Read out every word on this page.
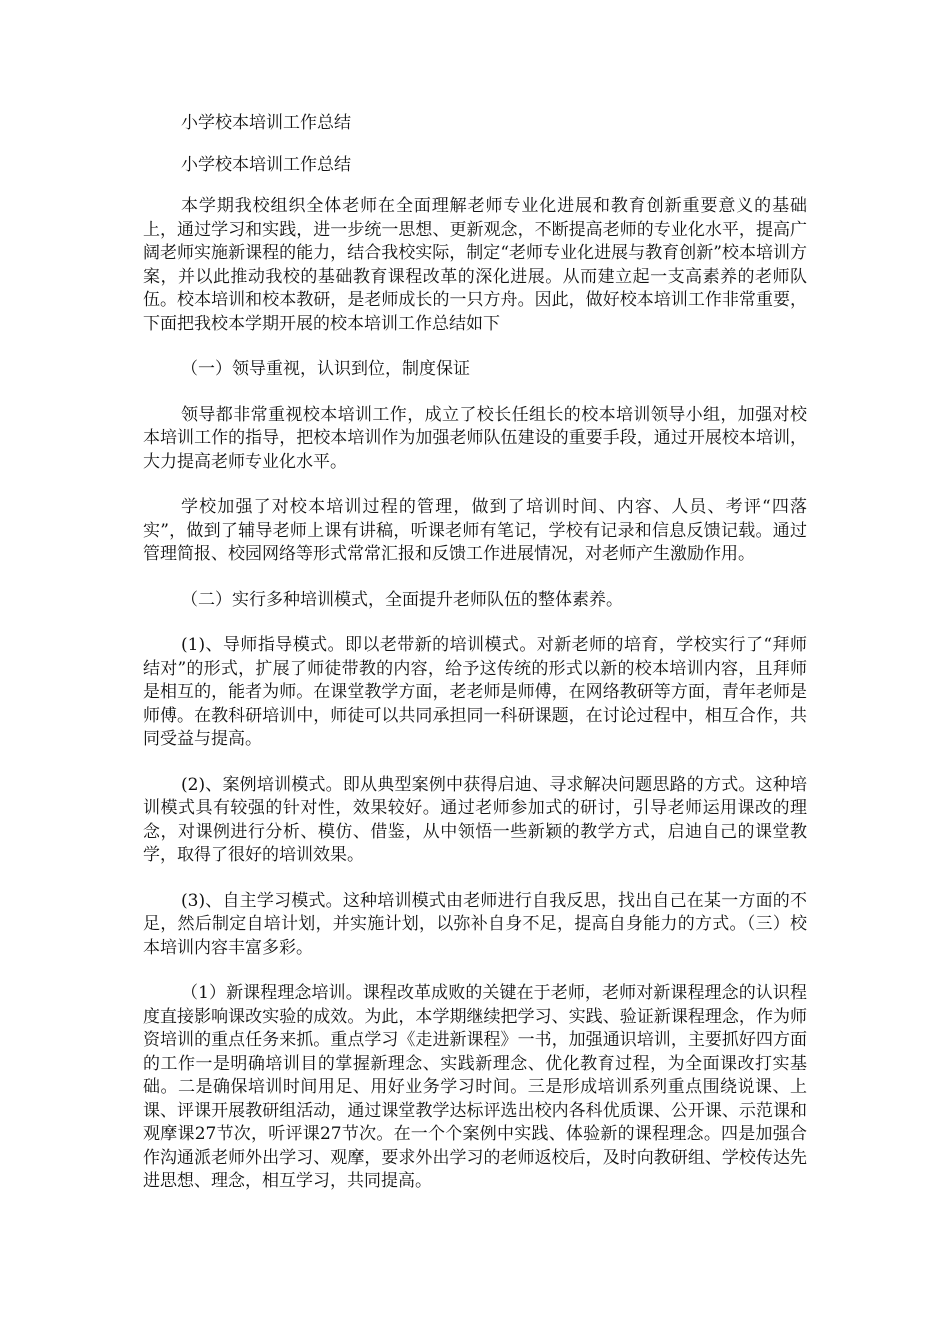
小学校本培训工作总结

小学校本培训工作总结

本学期我校组织全体老师在全面理解老师专业化进展和教育创新重要意义的基础上，通过学习和实践，进一步统一思想、更新观念，不断提高老师的专业化水平，提高广阔老师实施新课程的能力，结合我校实际，制定“老师专业化进展与教育创新”校本培训方案，并以此推动我校的基础教育课程改革的深化进展。从而建立起一支高素养的老师队伍。校本培训和校本教研，是老师成长的一只方舟。因此，做好校本培训工作非常重要，下面把我校本学期开展的校本培训工作总结如下

（一）领导重视，认识到位，制度保证

领导都非常重视校本培训工作，成立了校长任组长的校本培训领导小组，加强对校本培训工作的指导，把校本培训作为加强老师队伍建设的重要手段，通过开展校本培训，大力提高老师专业化水平。

学校加强了对校本培训过程的管理，做到了培训时间、内容、人员、考评“四落实”，做到了辅导老师上课有讲稿，听课老师有笔记，学校有记录和信息反馈记载。通过管理简报、校园网络等形式常常汇报和反馈工作进展情况，对老师产生激励作用。

（二）实行多种培训模式，全面提升老师队伍的整体素养。

(1)、导师指导模式。即以老带新的培训模式。对新老师的培育，学校实行了“拜师结对”的形式，扩展了师徒带教的内容，给予这传统的形式以新的校本培训内容，且拜师是相互的，能者为师。在课堂教学方面，老老师是师傅，在网络教研等方面，青年老师是师傅。在教科研培训中，师徒可以共同承担同一科研课题，在讨论过程中，相互合作，共同受益与提高。

(2)、案例培训模式。即从典型案例中获得启迪、寻求解决问题思路的方式。这种培训模式具有较强的针对性，效果较好。通过老师参加式的研讨，引导老师运用课改的理念，对课例进行分析、模仿、借鉴，从中领悟一些新颖的教学方式，启迪自己的课堂教学，取得了很好的培训效果。

(3)、自主学习模式。这种培训模式由老师进行自我反思，找出自己在某一方面的不足，然后制定自培计划，并实施计划，以弥补自身不足，提高自身能力的方式。（三）校本培训内容丰富多彩。

（1）新课程理念培训。课程改革成败的关键在于老师，老师对新课程理念的认识程度直接影响课改实验的成效。为此，本学期继续把学习、实践、验证新课程理念，作为师资培训的重点任务来抓。重点学习《走进新课程》一书，加强通识培训，主要抓好四方面的工作一是明确培训目的掌握新理念、实践新理念、优化教育过程，为全面课改打实基础。二是确保培训时间用足、用好业务学习时间。三是形成培训系列重点围绕说课、上课、评课开展教研组活动，通过课堂教学达标评选出校内各科优质课、公开课、示范课和观摩课27节次，听评课27节次。在一个个案例中实践、体验新的课程理念。四是加强合作沟通派老师外出学习、观摩，要求外出学习的老师返校后，及时向教研组、学校传达先进思想、理念，相互学习，共同提高。
